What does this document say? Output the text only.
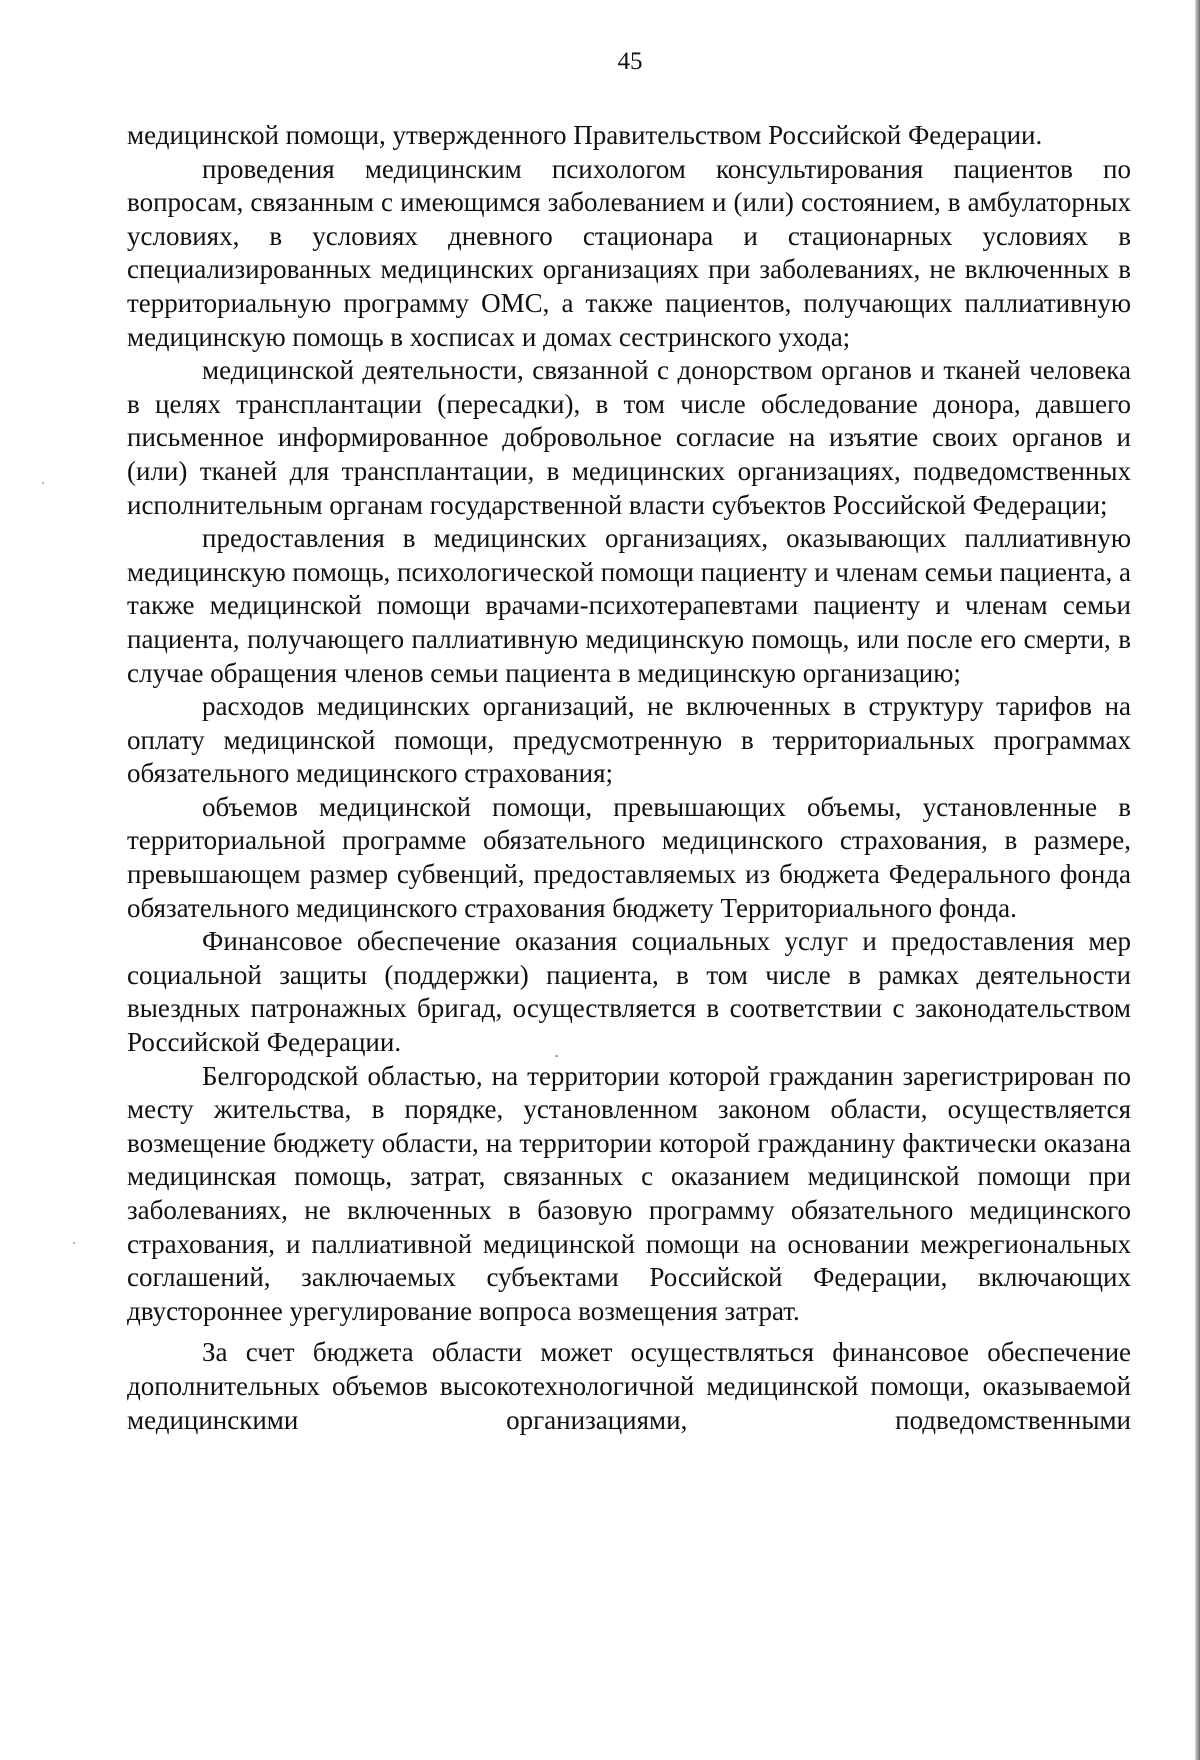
45

медицинской помощи, утвержденного Правительством Российской Федерации.

проведения медицинским психологом консультирования пациентов по вопросам, связанным с имеющимся заболеванием и (или) состоянием, в амбулаторных условиях, в условиях дневного стационара и стационарных условиях в специализированных медицинских организациях при заболеваниях, не включенных в территориальную программу ОМС, а также пациентов, получающих паллиативную медицинскую помощь в хосписах и домах сестринского ухода;

медицинской деятельности, связанной с донорством органов и тканей человека в целях трансплантации (пересадки), в том числе обследование донора, давшего письменное информированное добровольное согласие на изъятие своих органов и (или) тканей для трансплантации, в медицинских организациях, подведомственных исполнительным органам государственной власти субъектов Российской Федерации;

предоставления в медицинских организациях, оказывающих паллиативную медицинскую помощь, психологической помощи пациенту и членам семьи пациента, а также медицинской помощи врачами-психотерапевтами пациенту и членам семьи пациента, получающего паллиативную медицинскую помощь, или после его смерти, в случае обращения членов семьи пациента в медицинскую организацию;

расходов медицинских организаций, не включенных в структуру тарифов на оплату медицинской помощи, предусмотренную в территориальных программах обязательного медицинского страхования;

объемов медицинской помощи, превышающих объемы, установленные в территориальной программе обязательного медицинского страхования, в размере, превышающем размер субвенций, предоставляемых из бюджета Федерального фонда обязательного медицинского страхования бюджету Территориального фонда.

Финансовое обеспечение оказания социальных услуг и предоставления мер социальной защиты (поддержки) пациента, в том числе в рамках деятельности выездных патронажных бригад, осуществляется в соответствии с законодательством Российской Федерации.

Белгородской областью, на территории которой гражданин зарегистрирован по месту жительства, в порядке, установленном законом области, осуществляется возмещение бюджету области, на территории которой гражданину фактически оказана медицинская помощь, затрат, связанных с оказанием медицинской помощи при заболеваниях, не включенных в базовую программу обязательного медицинского страхования, и паллиативной медицинской помощи на основании межрегиональных соглашений, заключаемых субъектами Российской Федерации, включающих двустороннее урегулирование вопроса возмещения затрат.

За счет бюджета области может осуществляться финансовое обеспечение дополнительных объемов высокотехнологичной медицинской помощи, оказываемой медицинскими организациями, подведомственными
